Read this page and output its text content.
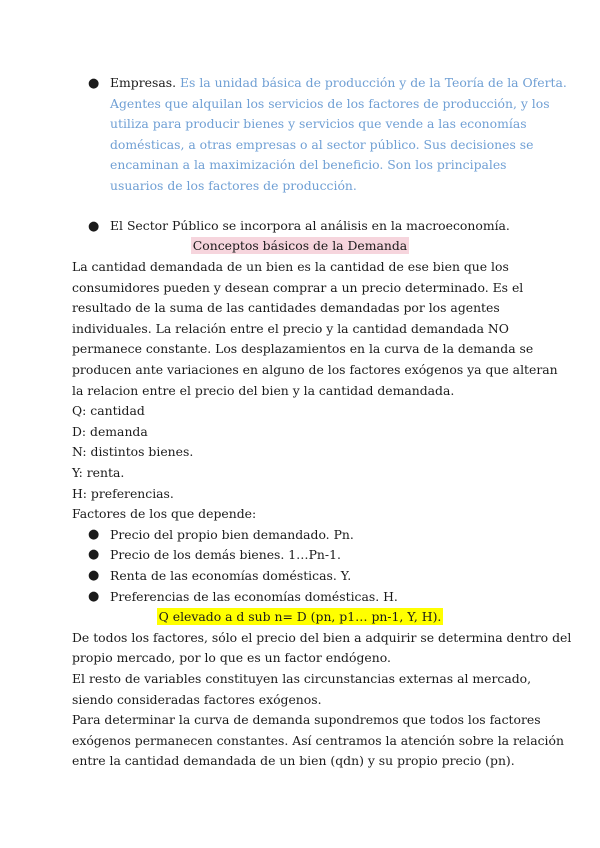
● Empresas. Es la unidad básica de producción y de la Teoría de la Oferta.
Agentes que alquilan los servicios de los factores de producción, y los
utiliza para producir bienes y servicios que vende a las economías
domésticas, a otras empresas o al sector público. Sus decisiones se
encaminan a la maximización del beneficio. Son los principales
usuarios de los factores de producción.
● El Sector Público se incorpora al análisis en la macroeconomía.
Conceptos básicos de la Demanda
La cantidad demandada de un bien es la cantidad de ese bien que los
consumidores pueden y desean comprar a un precio determinado. Es el
resultado de la suma de las cantidades demandadas por los agentes
individuales. La relación entre el precio y la cantidad demandada NO
permanece constante. Los desplazamientos en la curva de la demanda se
producen ante variaciones en alguno de los factores exógenos ya que alteran
la relacion entre el precio del bien y la cantidad demandada.
Q: cantidad
D: demanda
N: distintos bienes.
Y: renta.
H: preferencias.
Factores de los que depende:
● Precio del propio bien demandado. Pn.
● Precio de los demás bienes. 1…Pn-1.
● Renta de las economías domésticas. Y.
● Preferencias de las economías domésticas. H.
Q elevado a d sub n= D (pn, p1… pn-1, Y, H).
De todos los factores, sólo el precio del bien a adquirir se determina dentro del
propio mercado, por lo que es un factor endógeno.
El resto de variables constituyen las circunstancias externas al mercado,
siendo consideradas factores exógenos.
Para determinar la curva de demanda supondremos que todos los factores
exógenos permanecen constantes. Así centramos la atención sobre la relación
entre la cantidad demandada de un bien (qdn) y su propio precio (pn).
